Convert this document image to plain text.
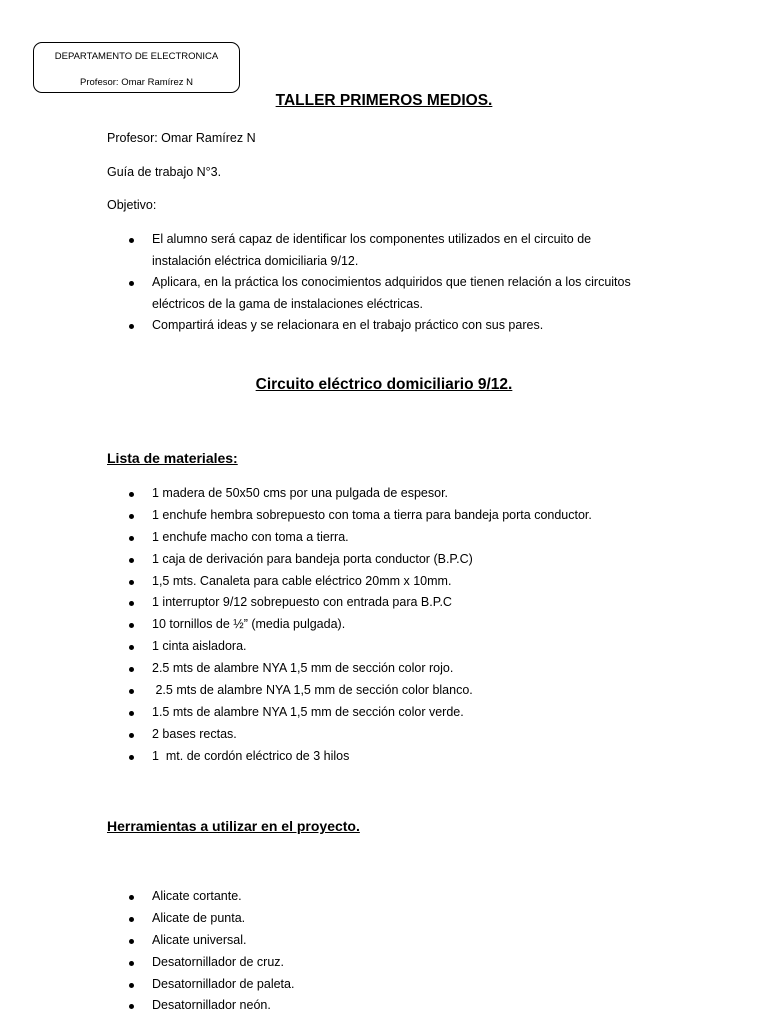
DEPARTAMENTO DE ELECTRONICA
Profesor: Omar Ramírez N
TALLER PRIMEROS MEDIOS.
Profesor: Omar Ramírez N
Guía de trabajo N°3.
Objetivo:
El alumno será capaz de identificar los componentes utilizados en el circuito de instalación eléctrica domiciliaria 9/12.
Aplicara, en la práctica los conocimientos adquiridos que tienen relación a los circuitos eléctricos de la gama de instalaciones eléctricas.
Compartirá ideas y se relacionara en el trabajo práctico con sus pares.
Circuito eléctrico domiciliario 9/12.
Lista de materiales:
1 madera de 50x50 cms por una pulgada de espesor.
1 enchufe hembra sobrepuesto con toma a tierra para bandeja porta conductor.
1 enchufe macho con toma a tierra.
1 caja de derivación para bandeja porta conductor (B.P.C)
1,5 mts. Canaleta para cable eléctrico 20mm x 10mm.
1 interruptor 9/12 sobrepuesto con entrada para B.P.C
10 tornillos de ½” (media pulgada).
1 cinta aisladora.
2.5 mts de alambre NYA 1,5 mm de sección color rojo.
2.5 mts de alambre NYA 1,5 mm de sección color blanco.
1.5 mts de alambre NYA 1,5 mm de sección color verde.
2 bases rectas.
1  mt. de cordón eléctrico de 3 hilos
Herramientas a utilizar en el proyecto.
Alicate cortante.
Alicate de punta.
Alicate universal.
Desatornillador de cruz.
Desatornillador de paleta.
Desatornillador neón.
